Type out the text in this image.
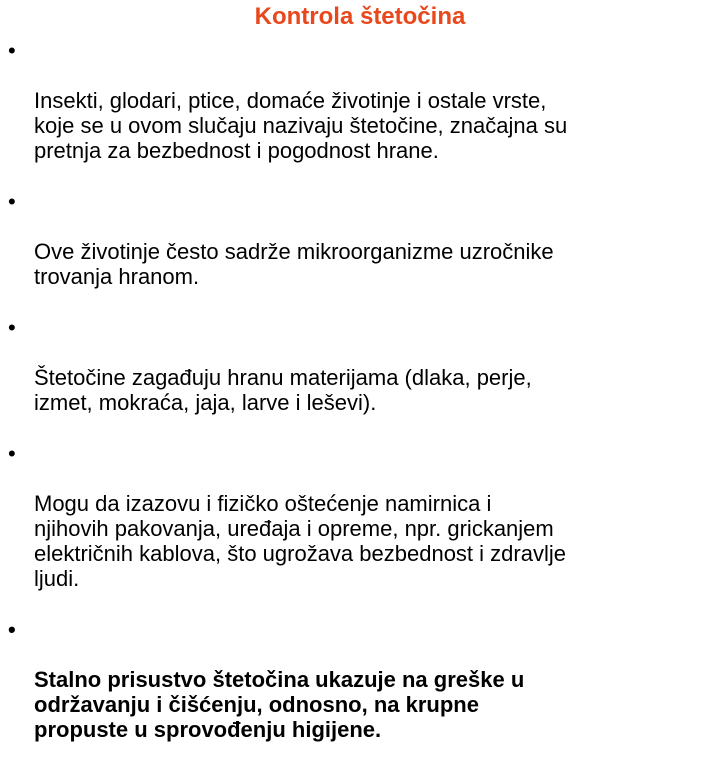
Kontrola štetočina

•

Insekti, glodari, ptice, domaće životinje i ostale vrste,
koje se u ovom slučaju nazivaju štetočine, značajna su
pretnja za bezbednost i pogodnost hrane.

•

Ove životinje često sadrže mikroorganizme uzročnike
trovanja hranom.

•

Štetočine zagađuju hranu materijama (dlaka, perje,
izmet, mokraća, jaja, larve i leševi).

•

Mogu da izazovu i fizičko oštećenje namirnica i
njihovih pakovanja, uređaja i opreme, npr. grickanjem
električnih kablova, što ugrožava bezbednost i zdravlje
ljudi.

•

Stalno prisustvo štetočina ukazuje na greške u
održavanju i čišćenju, odnosno, na krupne
propuste u sprovođenju higijene.
